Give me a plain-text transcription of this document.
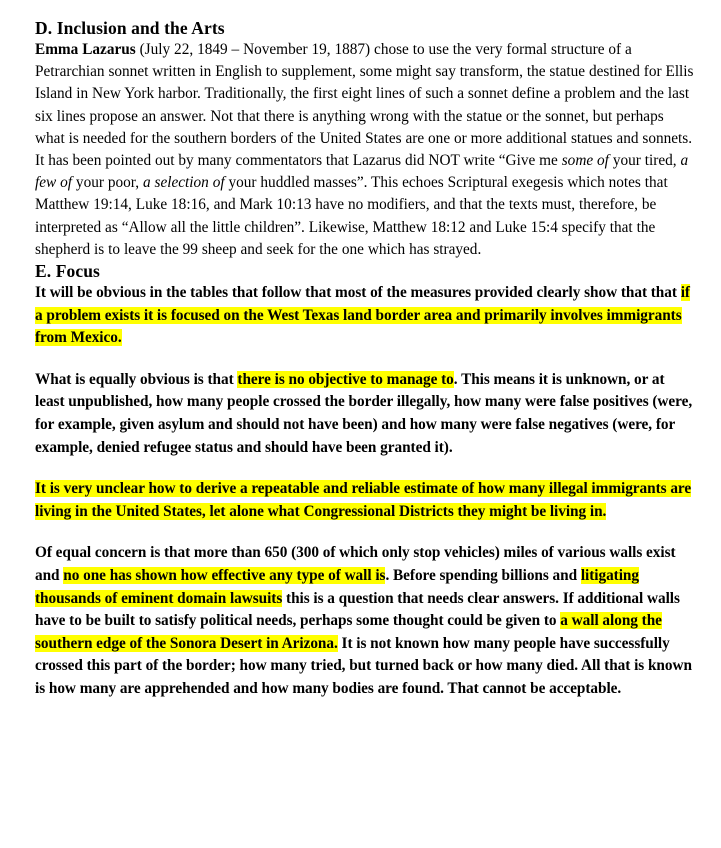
D. Inclusion and the Arts

Emma Lazarus (July 22, 1849 – November 19, 1887) chose to use the very formal structure of a Petrarchian sonnet written in English to supplement, some might say transform, the statue destined for Ellis Island in New York harbor. Traditionally, the first eight lines of such a sonnet define a problem and the last six lines propose an answer. Not that there is anything wrong with the statue or the sonnet, but perhaps what is needed for the southern borders of the United States are one or more additional statues and sonnets. It has been pointed out by many commentators that Lazarus did NOT write “Give me some of your tired, a few of your poor, a selection of your huddled masses”. This echoes Scriptural exegesis which notes that Matthew 19:14, Luke 18:16, and Mark 10:13 have no modifiers, and that the texts must, therefore, be interpreted as “Allow all the little children”. Likewise, Matthew 18:12 and Luke 15:4 specify that the shepherd is to leave the 99 sheep and seek for the one which has strayed.

E. Focus

It will be obvious in the tables that follow that most of the measures provided clearly show that that if a problem exists it is focused on the West Texas land border area and primarily involves immigrants from Mexico.

What is equally obvious is that there is no objective to manage to. This means it is unknown, or at least unpublished, how many people crossed the border illegally, how many were false positives (were, for example, given asylum and should not have been) and how many were false negatives (were, for example, denied refugee status and should have been granted it).

It is very unclear how to derive a repeatable and reliable estimate of how many illegal immigrants are living in the United States, let alone what Congressional Districts they might be living in.

Of equal concern is that more than 650 (300 of which only stop vehicles) miles of various walls exist and no one has shown how effective any type of wall is. Before spending billions and litigating thousands of eminent domain lawsuits this is a question that needs clear answers. If additional walls  have to be built to satisfy political needs, perhaps some thought could be given to a wall along the southern edge of the Sonora Desert in Arizona. It is not known how many people have successfully crossed this part of the border; how many tried, but turned back or how many died. All that is known is how many are apprehended and how many bodies are found. That cannot be acceptable.
